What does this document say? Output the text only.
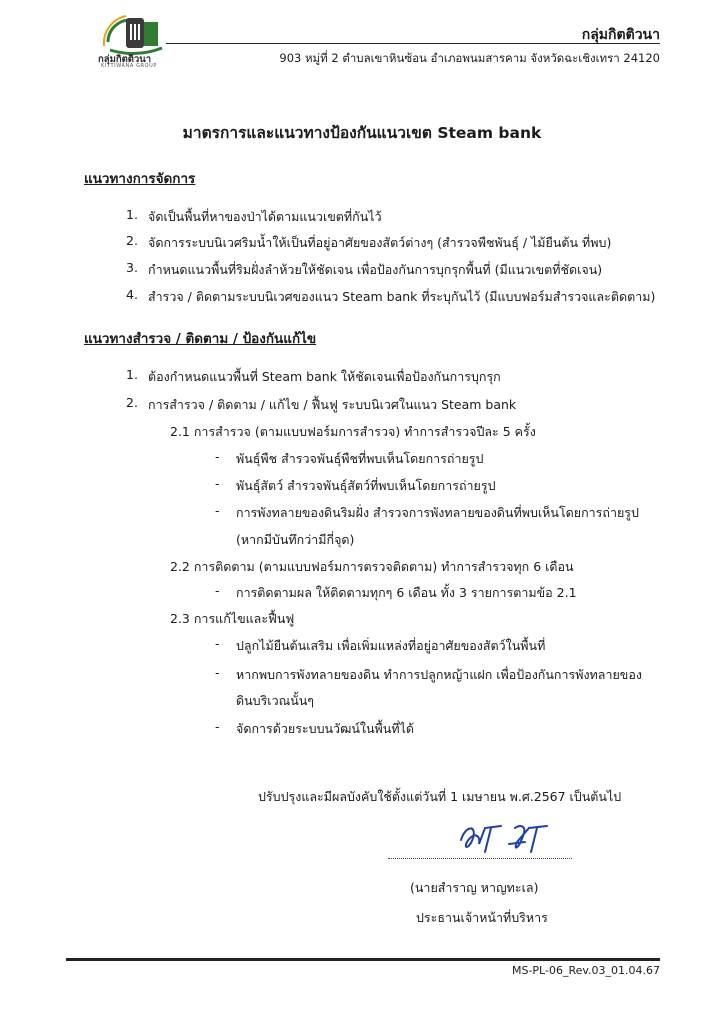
กลุ่มกิตติวนา
KITTIWANA GROUP
กลุ่มกิตติวนา
903 หมู่ที่ 2 ตำบลเขาหินซ้อน อำเภอพนมสารคาม จังหวัดฉะเชิงเทรา 24120
มาตรการและแนวทางป้องกันแนวเขต Steam bank
แนวทางการจัดการ
1. จัดเป็นพื้นที่หาของป่าได้ตามแนวเขตที่กันไว้
2. จัดการระบบนิเวศริมน้ำให้เป็นที่อยู่อาศัยของสัตว์ต่างๆ (สำรวจพืชพันธุ์ / ไม้ยืนต้น ที่พบ)
3. กำหนดแนวพื้นที่ริมฝั่งลำห้วยให้ชัดเจน เพื่อป้องกันการบุกรุกพื้นที่ (มีแนวเขตที่ชัดเจน)
4. สำรวจ / ติดตามระบบนิเวศของแนว Steam bank ที่ระบุกันไว้ (มีแบบฟอร์มสำรวจและติดตาม)
แนวทางสำรวจ / ติดตาม / ป้องกันแก้ไข
1. ต้องกำหนดแนวพื้นที่ Steam bank ให้ชัดเจนเพื่อป้องกันการบุกรุก
2. การสำรวจ / ติดตาม / แก้ไข / ฟื้นฟู ระบบนิเวศในแนว Steam bank
2.1 การสำรวจ (ตามแบบฟอร์มการสำรวจ) ทำการสำรวจปีละ 5 ครั้ง
- พันธุ์พืช สำรวจพันธุ์พืชที่พบเห็นโดยการถ่ายรูป
- พันธุ์สัตว์ สำรวจพันธุ์สัตว์ที่พบเห็นโดยการถ่ายรูป
- การพังทลายของดินริมฝั่ง สำรวจการพังทลายของดินที่พบเห็นโดยการถ่ายรูป
(หากมีบันทึกว่ามีกี่จุด)
2.2 การติดตาม (ตามแบบฟอร์มการตรวจติดตาม) ทำการสำรวจทุก 6 เดือน
- การติดตามผล ให้ติดตามทุกๆ 6 เดือน ทั้ง 3 รายการตามข้อ 2.1
2.3 การแก้ไขและฟื้นฟู
- ปลูกไม้ยืนต้นเสริม เพื่อเพิ่มแหล่งที่อยู่อาศัยของสัตว์ในพื้นที่
- หากพบการพังทลายของดิน ทำการปลูกหญ้าแฝก เพื่อป้องกันการพังทลายของ
ดินบริเวณนั้นๆ
- จัดการด้วยระบบนวัฒน์ในพื้นที่ได้
ปรับปรุงและมีผลบังคับใช้ตั้งแต่วันที่ 1 เมษายน พ.ศ.2567 เป็นต้นไป
(นายสำราญ หาญทะเล)
ประธานเจ้าหน้าที่บริหาร
MS-PL-06_Rev.03_01.04.67
